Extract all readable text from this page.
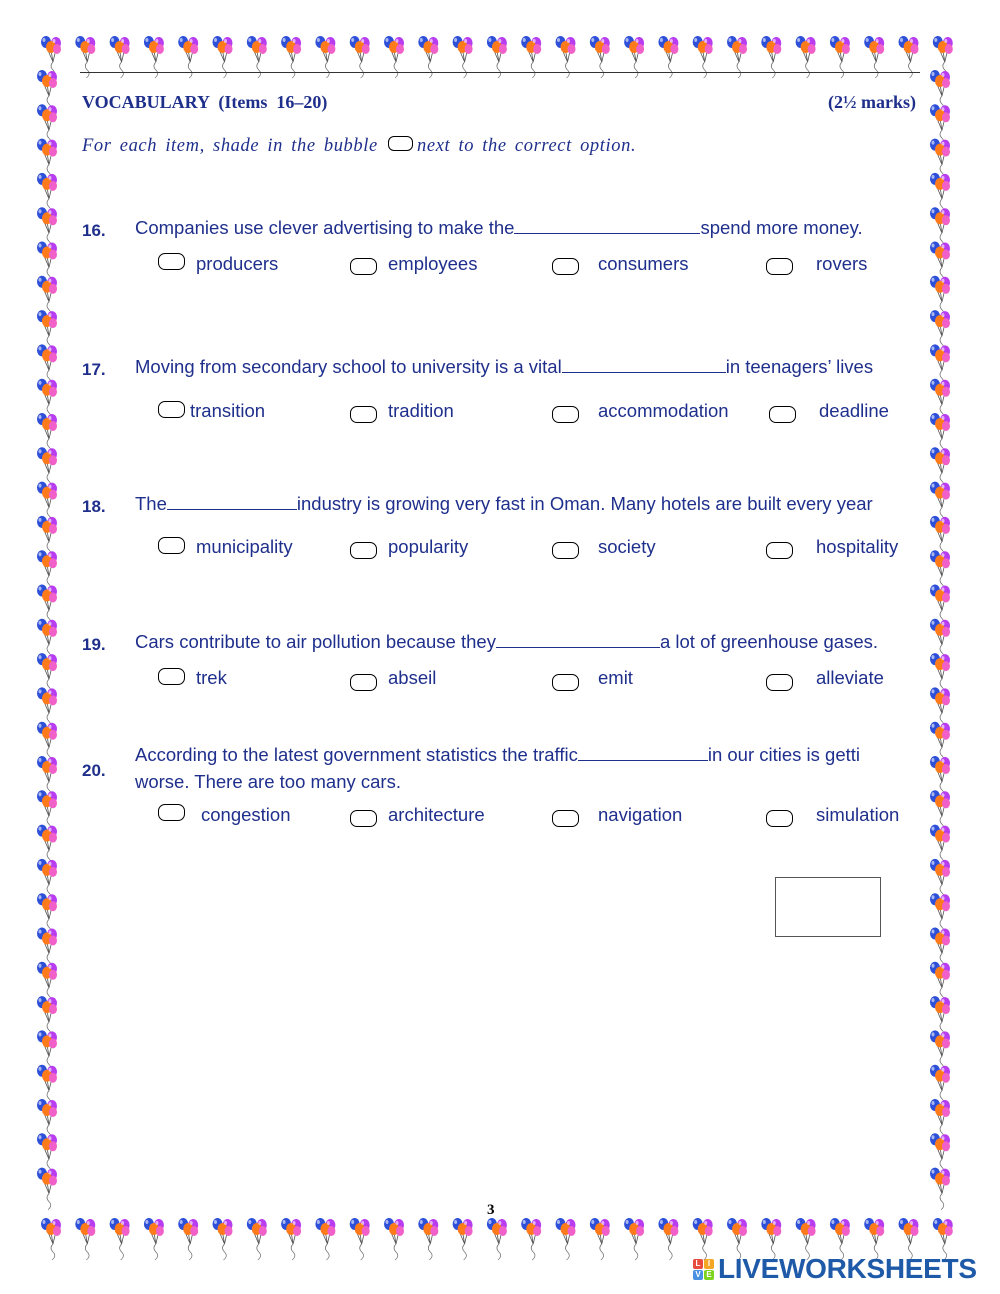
VOCABULARY  (Items  16–20)	(2½ marks)
For each item, shade in the bubble next to the correct option.
16. Companies use clever advertising to make the	spend more money.
producers	employees	consumers	rovers
17. Moving from secondary school to university is a vital	in teenagers’ lives
transition	tradition	accommodation	deadline
18. The	industry is growing very fast in Oman. Many hotels are built every year
municipality	popularity	society	hospitality
19. Cars contribute to air pollution because they	a lot of greenhouse gases.
trek	abseil	emit	alleviate
20.
According to the latest government statistics the traffic	in our cities is getti
worse. There are too many cars.
congestion	architecture	navigation	simulation
3
L I
V E LIVEWORKSHEETS
